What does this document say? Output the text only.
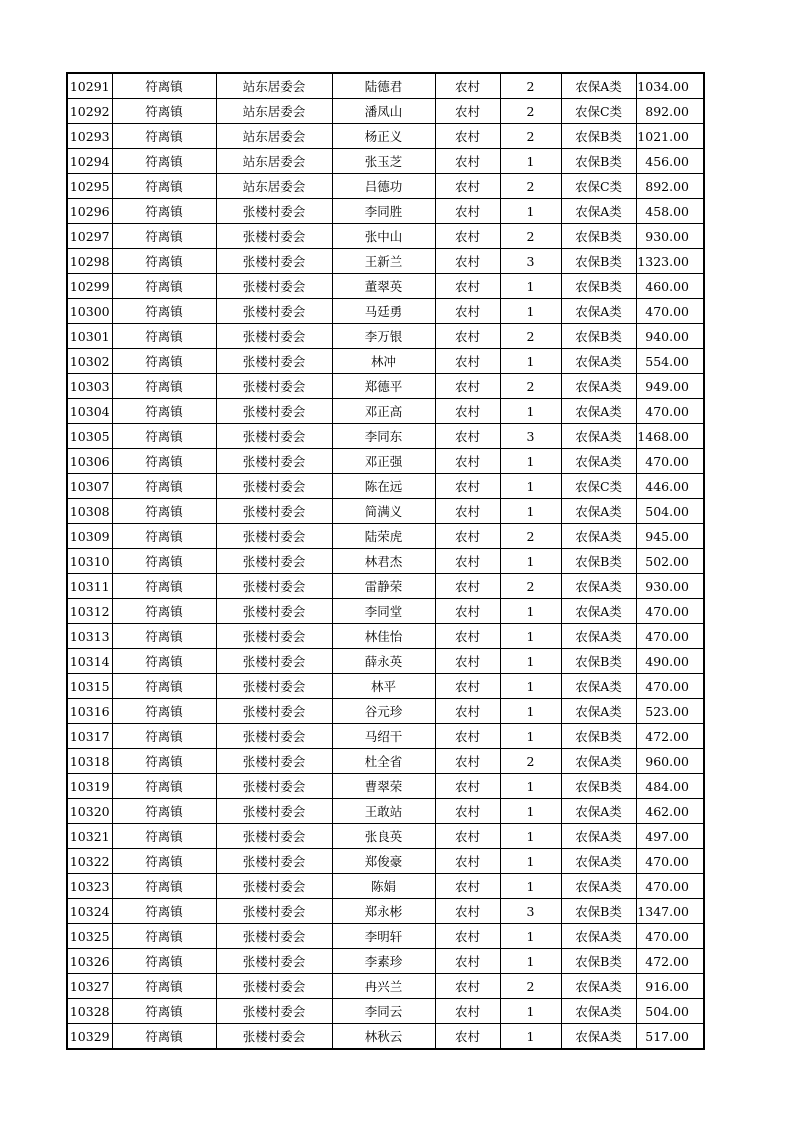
10291	符离镇	站东居委会	陆德君	农村	2	农保A类	1034.00
10292	符离镇	站东居委会	潘凤山	农村	2	农保C类	892.00
10293	符离镇	站东居委会	杨正义	农村	2	农保B类	1021.00
10294	符离镇	站东居委会	张玉芝	农村	1	农保B类	456.00
10295	符离镇	站东居委会	吕德功	农村	2	农保C类	892.00
10296	符离镇	张楼村委会	李同胜	农村	1	农保A类	458.00
10297	符离镇	张楼村委会	张中山	农村	2	农保B类	930.00
10298	符离镇	张楼村委会	王新兰	农村	3	农保B类	1323.00
10299	符离镇	张楼村委会	董翠英	农村	1	农保B类	460.00
10300	符离镇	张楼村委会	马廷勇	农村	1	农保A类	470.00
10301	符离镇	张楼村委会	李万银	农村	2	农保B类	940.00
10302	符离镇	张楼村委会	林冲	农村	1	农保A类	554.00
10303	符离镇	张楼村委会	郑德平	农村	2	农保A类	949.00
10304	符离镇	张楼村委会	邓正高	农村	1	农保A类	470.00
10305	符离镇	张楼村委会	李同东	农村	3	农保A类	1468.00
10306	符离镇	张楼村委会	邓正强	农村	1	农保A类	470.00
10307	符离镇	张楼村委会	陈在远	农村	1	农保C类	446.00
10308	符离镇	张楼村委会	简满义	农村	1	农保A类	504.00
10309	符离镇	张楼村委会	陆荣虎	农村	2	农保A类	945.00
10310	符离镇	张楼村委会	林君杰	农村	1	农保B类	502.00
10311	符离镇	张楼村委会	雷静荣	农村	2	农保A类	930.00
10312	符离镇	张楼村委会	李同堂	农村	1	农保A类	470.00
10313	符离镇	张楼村委会	林佳怡	农村	1	农保A类	470.00
10314	符离镇	张楼村委会	薛永英	农村	1	农保B类	490.00
10315	符离镇	张楼村委会	林平	农村	1	农保A类	470.00
10316	符离镇	张楼村委会	谷元珍	农村	1	农保A类	523.00
10317	符离镇	张楼村委会	马绍干	农村	1	农保B类	472.00
10318	符离镇	张楼村委会	杜全省	农村	2	农保A类	960.00
10319	符离镇	张楼村委会	曹翠荣	农村	1	农保B类	484.00
10320	符离镇	张楼村委会	王敢站	农村	1	农保A类	462.00
10321	符离镇	张楼村委会	张良英	农村	1	农保A类	497.00
10322	符离镇	张楼村委会	郑俊豪	农村	1	农保A类	470.00
10323	符离镇	张楼村委会	陈娟	农村	1	农保A类	470.00
10324	符离镇	张楼村委会	郑永彬	农村	3	农保B类	1347.00
10325	符离镇	张楼村委会	李明轩	农村	1	农保A类	470.00
10326	符离镇	张楼村委会	李素珍	农村	1	农保B类	472.00
10327	符离镇	张楼村委会	冉兴兰	农村	2	农保A类	916.00
10328	符离镇	张楼村委会	李同云	农村	1	农保A类	504.00
10329	符离镇	张楼村委会	林秋云	农村	1	农保A类	517.00
